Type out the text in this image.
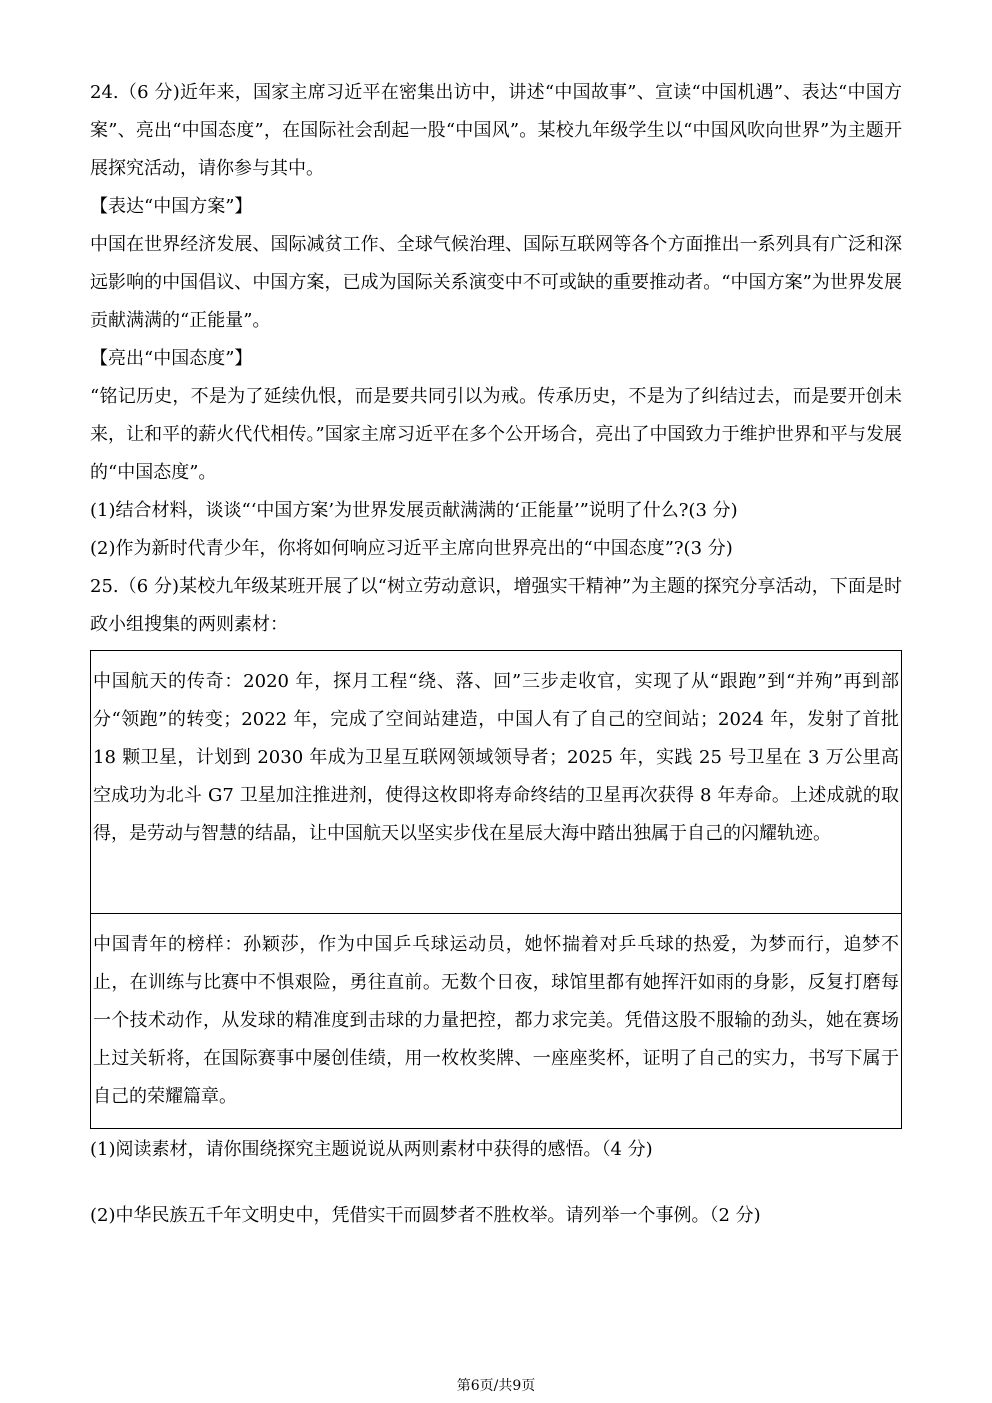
24.（6 分)近年来，国家主席习近平在密集出访中，讲述“中国故事”、宣读“中国机遇”、表达“中国方案”、亮出“中国态度”，在国际社会刮起一股“中国风”。某校九年级学生以“中国风吹向世界”为主题开展探究活动，请你参与其中。

【表达“中国方案”】

中国在世界经济发展、国际减贫工作、全球气候治理、国际互联网等各个方面推出一系列具有广泛和深远影响的中国倡议、中国方案，已成为国际关系演变中不可或缺的重要推动者。“中国方案”为世界发展贡献满满的“正能量”。

【亮出“中国态度”】

“铭记历史，不是为了延续仇恨，而是要共同引以为戒。传承历史，不是为了纠结过去，而是要开创未来，让和平的薪火代代相传。”国家主席习近平在多个公开场合，亮出了中国致力于维护世界和平与发展的“中国态度”。

(1)结合材料，谈谈“‘中国方案’为世界发展贡献满满的‘正能量’”说明了什么?(3 分)

(2)作为新时代青少年，你将如何响应习近平主席向世界亮出的“中国态度”?(3 分)

25.（6 分)某校九年级某班开展了以“树立劳动意识，增强实干精神”为主题的探究分享活动，下面是时政小组搜集的两则素材：

中国航天的传奇：2020 年，探月工程“绕、落、回”三步走收官，实现了从“跟跑”到“并殉”再到部分“领跑”的转变；2022 年，完成了空间站建造，中国人有了自己的空间站；2024 年，发射了首批 18 颗卫星，计划到 2030 年成为卫星互联网领域领导者；2025 年，实践 25 号卫星在 3 万公里高空成功为北斗 G7 卫星加注推进剂，使得这枚即将寿命终结的卫星再次获得 8 年寿命。上述成就的取得，是劳动与智慧的结晶，让中国航天以坚实步伐在星辰大海中踏出独属于自己的闪耀轨迹。
中国青年的榜样：孙颖莎，作为中国乒乓球运动员，她怀揣着对乒乓球的热爱，为梦而行，追梦不止，在训练与比赛中不惧艰险，勇往直前。无数个日夜，球馆里都有她挥汗如雨的身影，反复打磨每一个技术动作，从发球的精准度到击球的力量把控，都力求完美。凭借这股不服输的劲头，她在赛场上过关斩将，在国际赛事中屡创佳绩，用一枚枚奖牌、一座座奖杯，证明了自己的实力，书写下属于自己的荣耀篇章。

(1)阅读素材，请你围绕探究主题说说从两则素材中获得的感悟。（4 分)

(2)中华民族五千年文明史中，凭借实干而圆梦者不胜枚举。请列举一个事例。（2 分)

第6页/共9页
